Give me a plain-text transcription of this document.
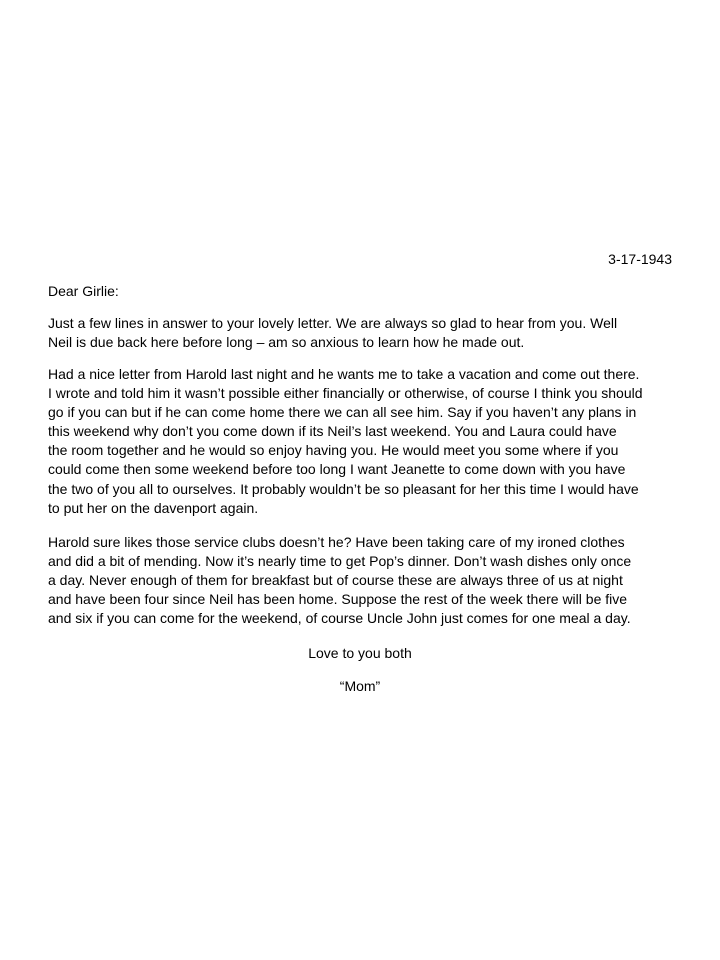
3-17-1943
Dear Girlie:
Just a few lines in answer to your lovely letter. We are always so glad to hear from you. Well
Neil is due back here before long – am so anxious to learn how he made out.
Had a nice letter from Harold last night and he wants me to take a vacation and come out there.
I wrote and told him it wasn’t possible either financially or otherwise, of course I think you should
go if you can but if he can come home there we can all see him. Say if you haven’t any plans in
this weekend why don’t you come down if its Neil’s last weekend. You and Laura could have
the room together and he would so enjoy having you. He would meet you some where if you
could come then some weekend before too long I want Jeanette to come down with you have
the two of you all to ourselves. It probably wouldn’t be so pleasant for her this time I would have
to put her on the davenport again.
Harold sure likes those service clubs doesn’t he? Have been taking care of my ironed clothes
and did a bit of mending. Now it’s nearly time to get Pop’s dinner. Don’t wash dishes only once
a day. Never enough of them for breakfast but of course these are always three of us at night
and have been four since Neil has been home. Suppose the rest of the week there will be five
and six if you can come for the weekend, of course Uncle John just comes for one meal a day.
Love to you both
“Mom”
